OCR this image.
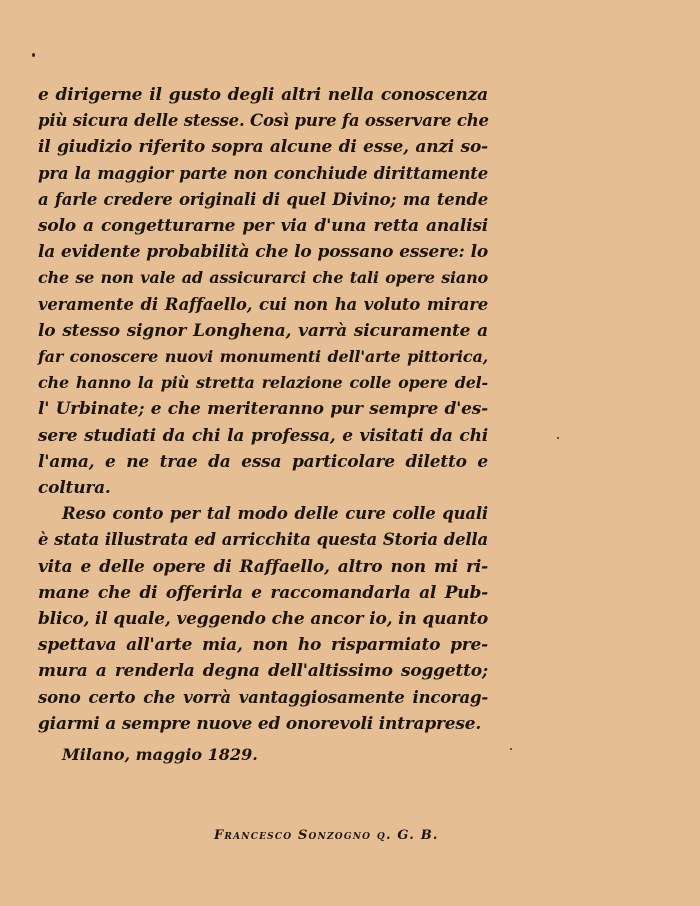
e dirigerne il gusto degli altri nella conoscenza
più sicura delle stesse. Così pure fa osservare che
il giudizio riferito sopra alcune di esse, anzi so-
pra la maggior parte non conchiude dirittamente
a farle credere originali di quel Divino; ma tende
solo a congetturarne per via d'una retta analisi
la evidente probabilità che lo possano essere: lo
che se non vale ad assicurarci che tali opere siano
veramente di Raffaello, cui non ha voluto mirare
lo stesso signor Longhena, varrà sicuramente a
far conoscere nuovi monumenti dell'arte pittorica,
che hanno la più stretta relazione colle opere del-
l' Urbinate; e che meriteranno pur sempre d'es-
sere studiati da chi la professa, e visitati da chi
l'ama, e ne trae da essa particolare diletto e
coltura.
Reso conto per tal modo delle cure colle quali
è stata illustrata ed arricchita questa Storia della
vita e delle opere di Raffaello, altro non mi ri-
mane che di offerirla e raccomandarla al Pub-
blico, il quale, veggendo che ancor io, in quanto
spettava all'arte mia, non ho risparmiato pre-
mura a renderla degna dell'altissimo soggetto;
sono certo che vorrà vantaggiosamente incorag-
giarmi a sempre nuove ed onorevoli intraprese.
Milano, maggio 1829.
Francesco Sonzogno q. G. B.
